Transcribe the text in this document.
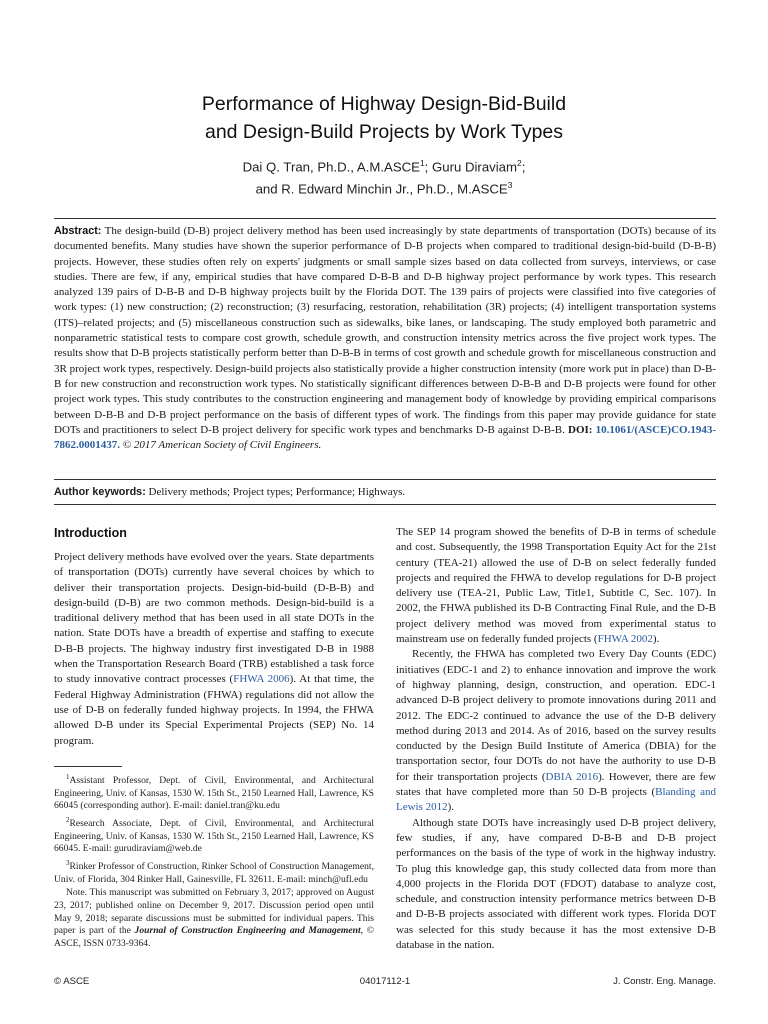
Performance of Highway Design-Bid-Build
and Design-Build Projects by Work Types
Dai Q. Tran, Ph.D., A.M.ASCE$^1$; Guru Diraviam$^2$;
and R. Edward Minchin Jr., Ph.D., M.ASCE$^3$
Abstract: The design-build (D-B) project delivery method has been used increasingly by state departments of transportation (DOTs) because of its documented benefits. Many studies have shown the superior performance of D-B projects when compared to traditional design-bid-build (D-B-B) projects. However, these studies often rely on experts' judgments or small sample sizes based on data collected from surveys, interviews, or case studies. There are few, if any, empirical studies that have compared D-B-B and D-B highway project performance by work types. This research analyzed 139 pairs of D-B-B and D-B highway projects built by the Florida DOT. The 139 pairs of projects were classified into five categories of work types: (1) new construction; (2) reconstruction; (3) resurfacing, restoration, rehabilitation (3R) projects; (4) intelligent transportation systems (ITS)–related projects; and (5) miscellaneous construction such as sidewalks, bike lanes, or landscaping. The study employed both parametric and nonparametric statistical tests to compare cost growth, schedule growth, and construction intensity metrics across the five project work types. The results show that D-B projects statistically perform better than D-B-B in terms of cost growth and schedule growth for miscellaneous construction and 3R project work types, respectively. Design-build projects also statistically provide a higher construction intensity (more work put in place) than D-B-B for new construction and reconstruction work types. No statistically significant differences between D-B-B and D-B projects were found for other project work types. This study contributes to the construction engineering and management body of knowledge by providing empirical comparisons between D-B-B and D-B project performance on the basis of different types of work. The findings from this paper may provide guidance for state DOTs and practitioners to select D-B project delivery for specific work types and benchmarks D-B against D-B-B. DOI: 10.1061/(ASCE)CO.1943-7862.0001437. © 2017 American Society of Civil Engineers.
Author keywords: Delivery methods; Project types; Performance; Highways.
Introduction

Project delivery methods have evolved over the years. State departments of transportation (DOTs) currently have several choices by which to deliver their transportation projects. Design-bid-build (D-B-B) and design-build (D-B) are two common methods. Design-bid-build is a traditional delivery method that has been used in all state DOTs in the nation. State DOTs have a breadth of expertise and staffing to execute D-B-B projects. The highway industry first investigated D-B in 1988 when the Transportation Research Board (TRB) established a task force to study innovative contract processes (FHWA 2006). At that time, the Federal Highway Administration (FHWA) regulations did not allow the use of D-B on federally funded highway projects. In 1994, the FHWA allowed D-B under its Special Experimental Projects (SEP) No. 14 program.

$^1$Assistant Professor, Dept. of Civil, Environmental, and Architectural Engineering, Univ. of Kansas, 1530 W. 15th St., 2150 Learned Hall, Lawrence, KS 66045 (corresponding author). E-mail: daniel.tran@ku.edu

$^2$Research Associate, Dept. of Civil, Environmental, and Architectural Engineering, Univ. of Kansas, 1530 W. 15th St., 2150 Learned Hall, Lawrence, KS 66045. E-mail: gurudiraviam@web.de

$^3$Rinker Professor of Construction, Rinker School of Construction Management, Univ. of Florida, 304 Rinker Hall, Gainesville, FL 32611. E-mail: minch@ufl.edu

Note. This manuscript was submitted on February 3, 2017; approved on August 23, 2017; published online on December 9, 2017. Discussion period open until May 9, 2018; separate discussions must be submitted for individual papers. This paper is part of the Journal of Construction Engineering and Management, © ASCE, ISSN 0733-9364.

The SEP 14 program showed the benefits of D-B in terms of schedule and cost. Subsequently, the 1998 Transportation Equity Act for the 21st century (TEA-21) allowed the use of D-B on select federally funded projects and required the FHWA to develop regulations for D-B project delivery use (TEA-21, Public Law, Title1, Subtitle C, Sec. 107). In 2002, the FHWA published its D-B Contracting Final Rule, and the D-B project delivery method was moved from experimental status to mainstream use on federally funded projects (FHWA 2002).

Recently, the FHWA has completed two Every Day Counts (EDC) initiatives (EDC-1 and 2) to enhance innovation and improve the work of highway planning, design, construction, and operation. EDC-1 advanced D-B project delivery to promote innovations during 2011 and 2012. The EDC-2 continued to advance the use of the D-B delivery method during 2013 and 2014. As of 2016, based on the survey results conducted by the Design Build Institute of America (DBIA) for the transportation sector, four DOTs do not have the authority to use D-B for their transportation projects (DBIA 2016). However, there are few states that have completed more than 50 D-B projects (Blanding and Lewis 2012).

Although state DOTs have increasingly used D-B project delivery, few studies, if any, have compared D-B-B and D-B project performances on the basis of the type of work in the highway industry. To plug this knowledge gap, this study collected data from more than 4,000 projects in the Florida DOT (FDOT) database to analyze cost, schedule, and construction intensity performance metrics between D-B and D-B-B projects associated with different work types. Florida DOT was selected for this study because it has the most extensive D-B database in the nation.

© ASCE	04017112-1	J. Constr. Eng. Manage.
